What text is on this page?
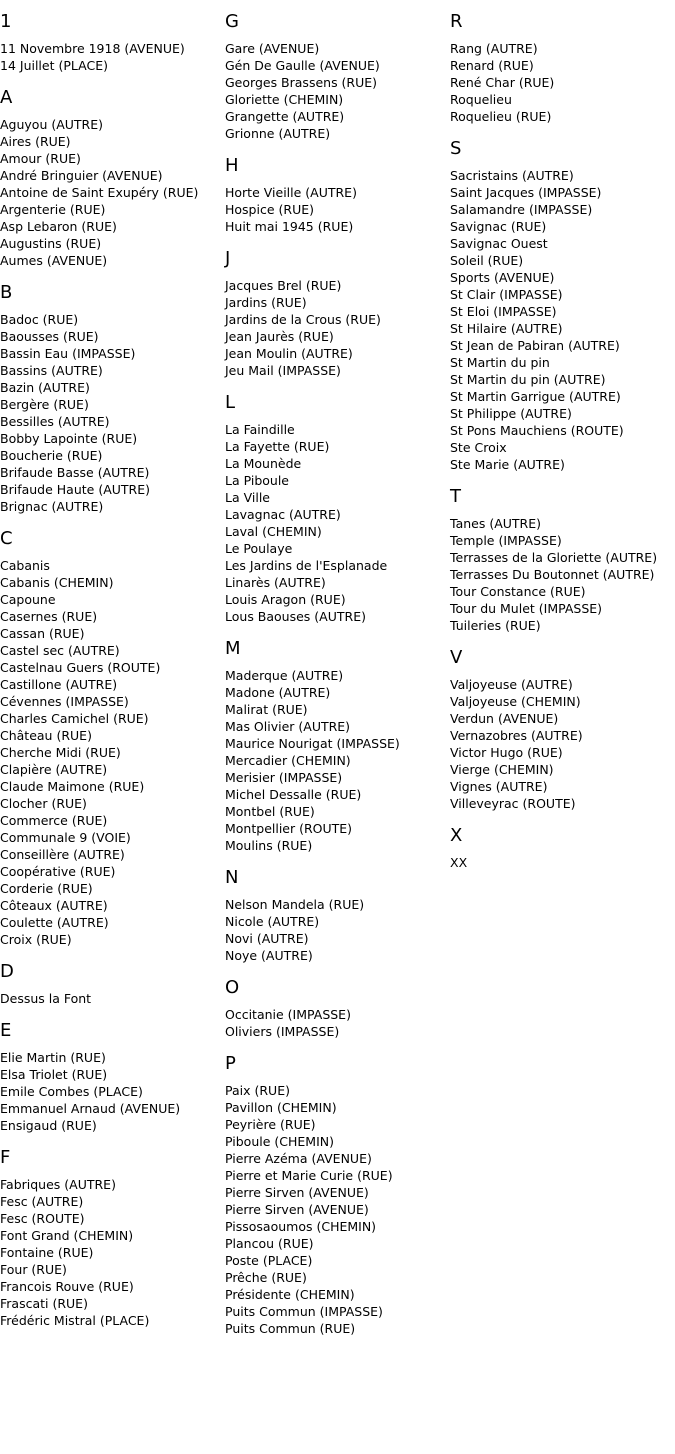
1
11 Novembre 1918 (AVENUE)
14 Juillet (PLACE)
A
Aguyou (AUTRE)
Aires (RUE)
Amour (RUE)
André Bringuier (AVENUE)
Antoine de Saint Exupéry (RUE)
Argenterie (RUE)
Asp Lebaron (RUE)
Augustins (RUE)
Aumes (AVENUE)
B
Badoc (RUE)
Baousses (RUE)
Bassin Eau (IMPASSE)
Bassins (AUTRE)
Bazin (AUTRE)
Bergère (RUE)
Bessilles (AUTRE)
Bobby Lapointe (RUE)
Boucherie (RUE)
Brifaude Basse (AUTRE)
Brifaude Haute (AUTRE)
Brignac (AUTRE)
C
Cabanis
Cabanis (CHEMIN)
Capoune
Casernes (RUE)
Cassan (RUE)
Castel sec (AUTRE)
Castelnau Guers (ROUTE)
Castillone (AUTRE)
Cévennes (IMPASSE)
Charles Camichel (RUE)
Château (RUE)
Cherche Midi (RUE)
Clapière (AUTRE)
Claude Maimone (RUE)
Clocher (RUE)
Commerce (RUE)
Communale 9 (VOIE)
Conseillère (AUTRE)
Coopérative (RUE)
Corderie (RUE)
Côteaux (AUTRE)
Coulette (AUTRE)
Croix (RUE)
D
Dessus la Font
E
Elie Martin (RUE)
Elsa Triolet (RUE)
Emile Combes (PLACE)
Emmanuel Arnaud (AVENUE)
Ensigaud (RUE)
F
Fabriques (AUTRE)
Fesc (AUTRE)
Fesc (ROUTE)
Font Grand (CHEMIN)
Fontaine (RUE)
Four (RUE)
Francois Rouve (RUE)
Frascati (RUE)
Frédéric Mistral (PLACE)
G
Gare (AVENUE)
Gén De Gaulle (AVENUE)
Georges Brassens (RUE)
Gloriette (CHEMIN)
Grangette (AUTRE)
Grionne (AUTRE)
H
Horte Vieille (AUTRE)
Hospice (RUE)
Huit mai 1945 (RUE)
J
Jacques Brel (RUE)
Jardins (RUE)
Jardins de la Crous (RUE)
Jean Jaurès (RUE)
Jean Moulin (AUTRE)
Jeu Mail (IMPASSE)
L
La Faindille
La Fayette (RUE)
La Mounède
La Piboule
La Ville
Lavagnac (AUTRE)
Laval (CHEMIN)
Le Poulaye
Les Jardins de l'Esplanade
Linarès (AUTRE)
Louis Aragon (RUE)
Lous Baouses (AUTRE)
M
Maderque (AUTRE)
Madone (AUTRE)
Malirat (RUE)
Mas Olivier (AUTRE)
Maurice Nourigat (IMPASSE)
Mercadier (CHEMIN)
Merisier (IMPASSE)
Michel Dessalle (RUE)
Montbel (RUE)
Montpellier (ROUTE)
Moulins (RUE)
N
Nelson Mandela (RUE)
Nicole (AUTRE)
Novi (AUTRE)
Noye (AUTRE)
O
Occitanie (IMPASSE)
Oliviers (IMPASSE)
P
Paix (RUE)
Pavillon (CHEMIN)
Peyrière (RUE)
Piboule (CHEMIN)
Pierre Azéma (AVENUE)
Pierre et Marie Curie (RUE)
Pierre Sirven (AVENUE)
Pierre Sirven (AVENUE)
Pissosaoumos (CHEMIN)
Plancou (RUE)
Poste (PLACE)
Prêche (RUE)
Présidente (CHEMIN)
Puits Commun (IMPASSE)
Puits Commun (RUE)
R
Rang (AUTRE)
Renard (RUE)
René Char (RUE)
Roquelieu
Roquelieu (RUE)
S
Sacristains (AUTRE)
Saint Jacques (IMPASSE)
Salamandre (IMPASSE)
Savignac (RUE)
Savignac Ouest
Soleil (RUE)
Sports (AVENUE)
St Clair (IMPASSE)
St Eloi (IMPASSE)
St Hilaire (AUTRE)
St Jean de Pabiran (AUTRE)
St Martin du pin
St Martin du pin (AUTRE)
St Martin Garrigue (AUTRE)
St Philippe (AUTRE)
St Pons Mauchiens (ROUTE)
Ste Croix
Ste Marie (AUTRE)
T
Tanes (AUTRE)
Temple (IMPASSE)
Terrasses de la Gloriette (AUTRE)
Terrasses Du Boutonnet (AUTRE)
Tour Constance (RUE)
Tour du Mulet (IMPASSE)
Tuileries (RUE)
V
Valjoyeuse (AUTRE)
Valjoyeuse (CHEMIN)
Verdun (AVENUE)
Vernazobres (AUTRE)
Victor Hugo (RUE)
Vierge (CHEMIN)
Vignes (AUTRE)
Villeveyrac (ROUTE)
X
XX
